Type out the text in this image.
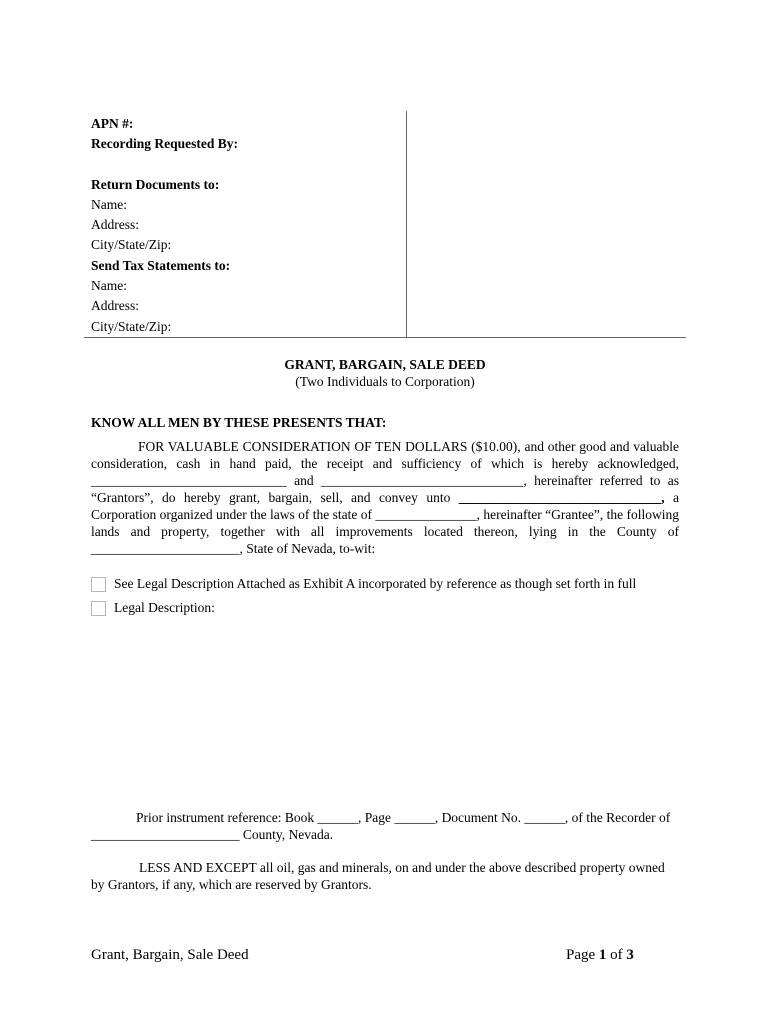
APN #:
Recording Requested By:
Return Documents to:
Name:
Address:
City/State/Zip:
Send Tax Statements to:
Name:
Address:
City/State/Zip:
GRANT, BARGAIN, SALE DEED
(Two Individuals to Corporation)
KNOW ALL MEN BY THESE PRESENTS THAT:
FOR VALUABLE CONSIDERATION OF TEN DOLLARS ($10.00), and other good and valuable consideration, cash in hand paid, the receipt and sufficiency of which is hereby acknowledged, _____________________________ and ______________________________, hereinafter referred to as “Grantors”, do hereby grant, bargain, sell, and convey unto ______________________________, a Corporation organized under the laws of the state of _______________, hereinafter “Grantee”, the following lands and property, together with all improvements located thereon, lying in the County of ______________________, State of Nevada, to-wit:
See Legal Description Attached as Exhibit A incorporated by reference as though set forth in full
Legal Description:
Prior instrument reference: Book ______, Page ______, Document No. ______, of the Recorder of
______________________ County, Nevada.
LESS AND EXCEPT all oil, gas and minerals, on and under the above described property owned
by Grantors, if any, which are reserved by Grantors.
Grant, Bargain, Sale Deed	Page 1 of 3
